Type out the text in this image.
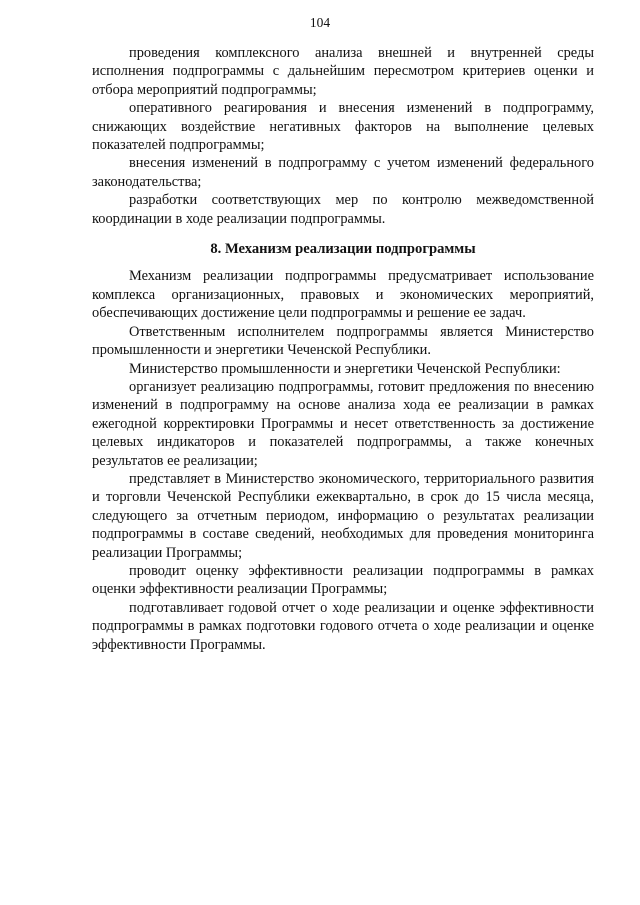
104

проведения комплексного анализа внешней и внутренней среды исполнения подпрограммы с дальнейшим пересмотром критериев оценки и отбора мероприятий подпрограммы;

оперативного реагирования и внесения изменений в подпрограмму, снижающих воздействие негативных факторов на выполнение целевых показателей подпрограммы;

внесения изменений в подпрограмму с учетом изменений федерального законодательства;

разработки соответствующих мер по контролю межведомственной координации в ходе реализации подпрограммы.

8. Механизм реализации подпрограммы

Механизм реализации подпрограммы предусматривает использование комплекса организационных, правовых и экономических мероприятий, обеспечивающих достижение цели подпрограммы и решение ее задач.

Ответственным исполнителем подпрограммы является Министерство промышленности и энергетики Чеченской Республики.

Министерство промышленности и энергетики Чеченской Республики:

организует реализацию подпрограммы, готовит предложения по внесению изменений в подпрограмму на основе анализа хода ее реализации в рамках ежегодной корректировки Программы и несет ответственность за достижение целевых индикаторов и показателей подпрограммы, а также конечных результатов ее реализации;

представляет в Министерство экономического, территориального развития и торговли Чеченской Республики ежеквартально, в срок до 15 числа месяца, следующего за отчетным периодом, информацию о результатах реализации подпрограммы в составе сведений, необходимых для проведения мониторинга реализации Программы;

проводит оценку эффективности реализации подпрограммы в рамках оценки эффективности реализации Программы;

подготавливает годовой отчет о ходе реализации и оценке эффективности подпрограммы в рамках подготовки годового отчета о ходе реализации и оценке эффективности Программы.
